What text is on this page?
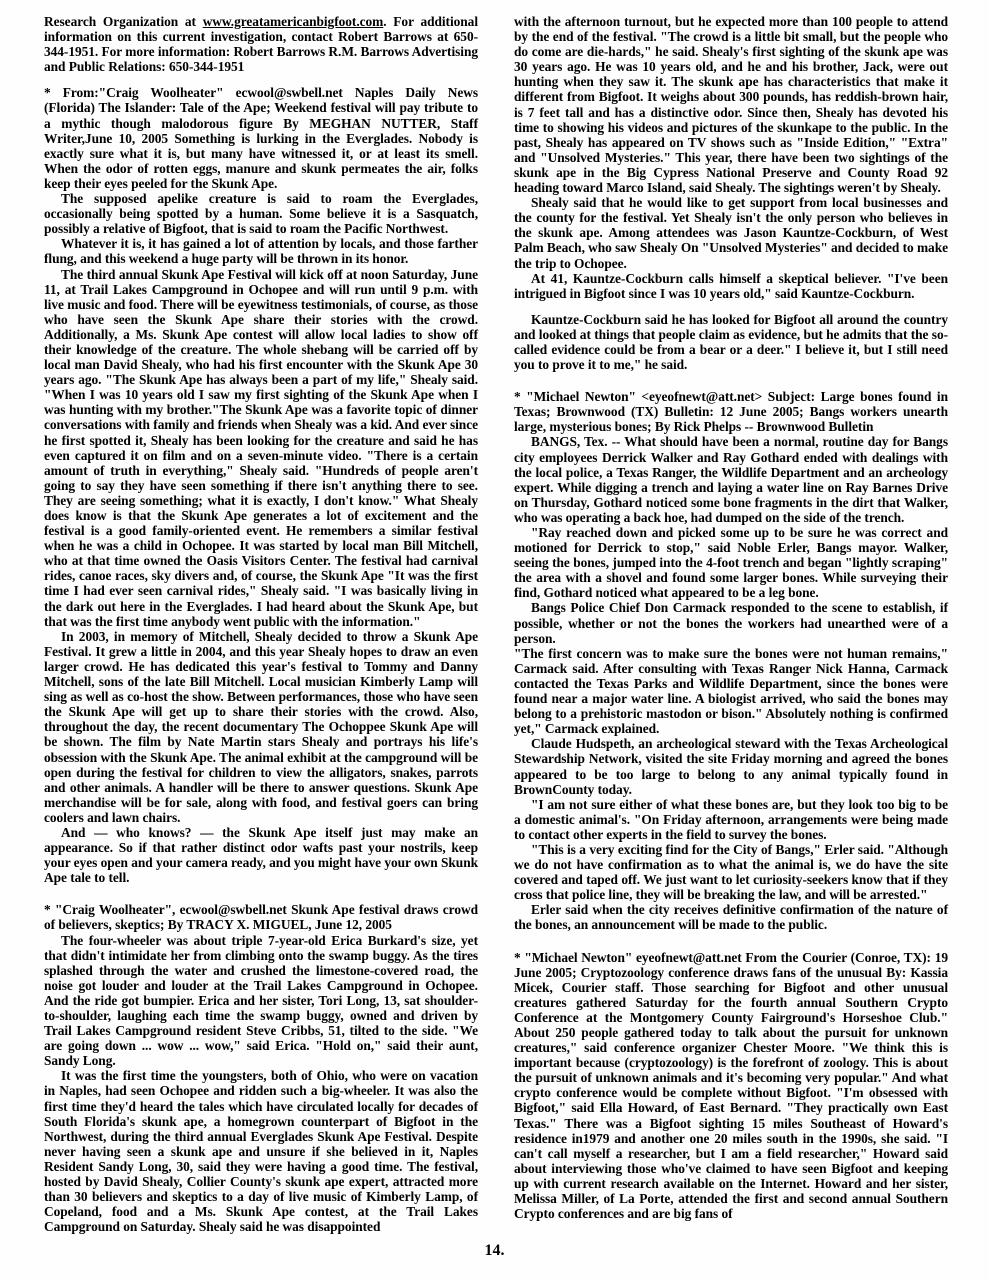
Research Organization at www.greatamericanbigfoot.com. For additional information on this current investigation, contact Robert Barrows at 650-344-1951. For more information: Robert Barrows R.M. Barrows Advertising and Public Relations: 650-344-1951

* From:"Craig Woolheater" ecwool@swbell.net Naples Daily News (Florida) The Islander: Tale of the Ape; Weekend festival will pay tribute to a mythic though malodorous figure By MEGHAN NUTTER, Staff Writer,June 10, 2005 Something is lurking in the Everglades. Nobody is exactly sure what it is, but many have witnessed it, or at least its smell. When the odor of rotten eggs, manure and skunk permeates the air, folks keep their eyes peeled for the Skunk Ape.

The supposed apelike creature is said to roam the Everglades, occasionally being spotted by a human. Some believe it is a Sasquatch, possibly a relative of Bigfoot, that is said to roam the Pacific Northwest.

Whatever it is, it has gained a lot of attention by locals, and those farther flung, and this weekend a huge party will be thrown in its honor.

The third annual Skunk Ape Festival will kick off at noon Saturday, June 11, at Trail Lakes Campground in Ochopee and will run until 9 p.m. with live music and food. There will be eyewitness testimonials, of course, as those who have seen the Skunk Ape share their stories with the crowd. Additionally, a Ms. Skunk Ape contest will allow local ladies to show off their knowledge of the creature. The whole shebang will be carried off by local man David Shealy, who had his first encounter with the Skunk Ape 30 years ago. "The Skunk Ape has always been a part of my life," Shealy said. "When I was 10 years old I saw my first sighting of the Skunk Ape when I was hunting with my brother."The Skunk Ape was a favorite topic of dinner conversations with family and friends when Shealy was a kid. And ever since he first spotted it, Shealy has been looking for the creature and said he has even captured it on film and on a seven-minute video. "There is a certain amount of truth in everything," Shealy said. "Hundreds of people aren't going to say they have seen something if there isn't anything there to see. They are seeing something; what it is exactly, I don't know." What Shealy does know is that the Skunk Ape generates a lot of excitement and the festival is a good family-oriented event. He remembers a similar festival when he was a child in Ochopee. It was started by local man Bill Mitchell, who at that time owned the Oasis Visitors Center. The festival had carnival rides, canoe races, sky divers and, of course, the Skunk Ape "It was the first time I had ever seen carnival rides," Shealy said. "I was basically living in the dark out here in the Everglades. I had heard about the Skunk Ape, but that was the first time anybody went public with the information."

In 2003, in memory of Mitchell, Shealy decided to throw a Skunk Ape Festival. It grew a little in 2004, and this year Shealy hopes to draw an even larger crowd. He has dedicated this year's festival to Tommy and Danny Mitchell, sons of the late Bill Mitchell. Local musician Kimberly Lamp will sing as well as co-host the show. Between performances, those who have seen the Skunk Ape will get up to share their stories with the crowd. Also, throughout the day, the recent documentary The Ochoppee Skunk Ape will be shown. The film by Nate Martin stars Shealy and portrays his life's obsession with the Skunk Ape. The animal exhibit at the campground will be open during the festival for children to view the alligators, snakes, parrots and other animals. A handler will be there to answer questions. Skunk Ape merchandise will be for sale, along with food, and festival goers can bring coolers and lawn chairs.

And — who knows? — the Skunk Ape itself just may make an appearance. So if that rather distinct odor wafts past your nostrils, keep your eyes open and your camera ready, and you might have your own Skunk Ape tale to tell.

* "Craig Woolheater", ecwool@swbell.net Skunk Ape festival draws crowd of believers, skeptics; By TRACY X. MIGUEL, June 12, 2005

The four-wheeler was about triple 7-year-old Erica Burkard's size, yet that didn't intimidate her from climbing onto the swamp buggy. As the tires splashed through the water and crushed the limestone-covered road, the noise got louder and louder at the Trail Lakes Campground in Ochopee. And the ride got bumpier. Erica and her sister, Tori Long, 13, sat shoulder-to-shoulder, laughing each time the swamp buggy, owned and driven by Trail Lakes Campground resident Steve Cribbs, 51, tilted to the side. "We are going down ... wow ... wow," said Erica. "Hold on," said their aunt, Sandy Long.

It was the first time the youngsters, both of Ohio, who were on vacation in Naples, had seen Ochopee and ridden such a big-wheeler. It was also the first time they'd heard the tales which have circulated locally for decades of South Florida's skunk ape, a homegrown counterpart of Bigfoot in the Northwest, during the third annual Everglades Skunk Ape Festival. Despite never having seen a skunk ape and unsure if she believed in it, Naples Resident Sandy Long, 30, said they were having a good time. The festival, hosted by David Shealy, Collier County's skunk ape expert, attracted more than 30 believers and skeptics to a day of live music of Kimberly Lamp, of Copeland, food and a Ms. Skunk Ape contest, at the Trail Lakes Campground on Saturday. Shealy said he was disappointed

with the afternoon turnout, but he expected more than 100 people to attend by the end of the festival. "The crowd is a little bit small, but the people who do come are die-hards," he said. Shealy's first sighting of the skunk ape was 30 years ago. He was 10 years old, and he and his brother, Jack, were out hunting when they saw it. The skunk ape has characteristics that make it different from Bigfoot. It weighs about 300 pounds, has reddish-brown hair, is 7 feet tall and has a distinctive odor. Since then, Shealy has devoted his time to showing his videos and pictures of the skunkape to the public. In the past, Shealy has appeared on TV shows such as "Inside Edition," "Extra" and "Unsolved Mysteries." This year, there have been two sightings of the skunk ape in the Big Cypress National Preserve and County Road 92 heading toward Marco Island, said Shealy. The sightings weren't by Shealy.

Shealy said that he would like to get support from local businesses and the county for the festival. Yet Shealy isn't the only person who believes in the skunk ape. Among attendees was Jason Kauntze-Cockburn, of West Palm Beach, who saw Shealy On "Unsolved Mysteries" and decided to make the trip to Ochopee.

At 41, Kauntze-Cockburn calls himself a skeptical believer. "I've been intrigued in Bigfoot since I was 10 years old," said Kauntze-Cockburn.

Kauntze-Cockburn said he has looked for Bigfoot all around the country and looked at things that people claim as evidence, but he admits that the so-called evidence could be from a bear or a deer." I believe it, but I still need you to prove it to me," he said.

* "Michael Newton" <eyeofnewt@att.net> Subject: Large bones found in Texas; Brownwood (TX) Bulletin: 12 June 2005; Bangs workers unearth large, mysterious bones; By Rick Phelps -- Brownwood Bulletin

BANGS, Tex. -- What should have been a normal, routine day for Bangs city employees Derrick Walker and Ray Gothard ended with dealings with the local police, a Texas Ranger, the Wildlife Department and an archeology expert. While digging a trench and laying a water line on Ray Barnes Drive on Thursday, Gothard noticed some bone fragments in the dirt that Walker, who was operating a back hoe, had dumped on the side of the trench.

"Ray reached down and picked some up to be sure he was correct and motioned for Derrick to stop," said Noble Erler, Bangs mayor. Walker, seeing the bones, jumped into the 4-foot trench and began "lightly scraping" the area with a shovel and found some larger bones. While surveying their find, Gothard noticed what appeared to be a leg bone.

Bangs Police Chief Don Carmack responded to the scene to establish, if possible, whether or not the bones the workers had unearthed were of a person.

"The first concern was to make sure the bones were not human remains," Carmack said. After consulting with Texas Ranger Nick Hanna, Carmack contacted the Texas Parks and Wildlife Department, since the bones were found near a major water line. A biologist arrived, who said the bones may belong to a prehistoric mastodon or bison." Absolutely nothing is confirmed yet," Carmack explained.

Claude Hudspeth, an archeological steward with the Texas Archeological Stewardship Network, visited the site Friday morning and agreed the bones appeared to be too large to belong to any animal typically found in BrownCounty today.

"I am not sure either of what these bones are, but they look too big to be a domestic animal's. "On Friday afternoon, arrangements were being made to contact other experts in the field to survey the bones.

"This is a very exciting find for the City of Bangs," Erler said. "Although we do not have confirmation as to what the animal is, we do have the site covered and taped off. We just want to let curiosity-seekers know that if they cross that police line, they will be breaking the law, and will be arrested."

Erler said when the city receives definitive confirmation of the nature of the bones, an announcement will be made to the public.

* "Michael Newton" eyeofnewt@att.net From the Courier (Conroe, TX): 19 June 2005; Cryptozoology conference draws fans of the unusual By: Kassia Micek, Courier staff. Those searching for Bigfoot and other unusual creatures gathered Saturday for the fourth annual Southern Crypto Conference at the Montgomery County Fairground's Horseshoe Club." About 250 people gathered today to talk about the pursuit for unknown creatures," said conference organizer Chester Moore. "We think this is important because (cryptozoology) is the forefront of zoology. This is about the pursuit of unknown animals and it's becoming very popular." And what crypto conference would be complete without Bigfoot. "I'm obsessed with Bigfoot," said Ella Howard, of East Bernard. "They practically own East Texas." There was a Bigfoot sighting 15 miles Southeast of Howard's residence in1979 and another one 20 miles south in the 1990s, she said. "I can't call myself a researcher, but I am a field researcher," Howard said about interviewing those who've claimed to have seen Bigfoot and keeping up with current research available on the Internet. Howard and her sister, Melissa Miller, of La Porte, attended the first and second annual Southern Crypto conferences and are big fans of

14.
